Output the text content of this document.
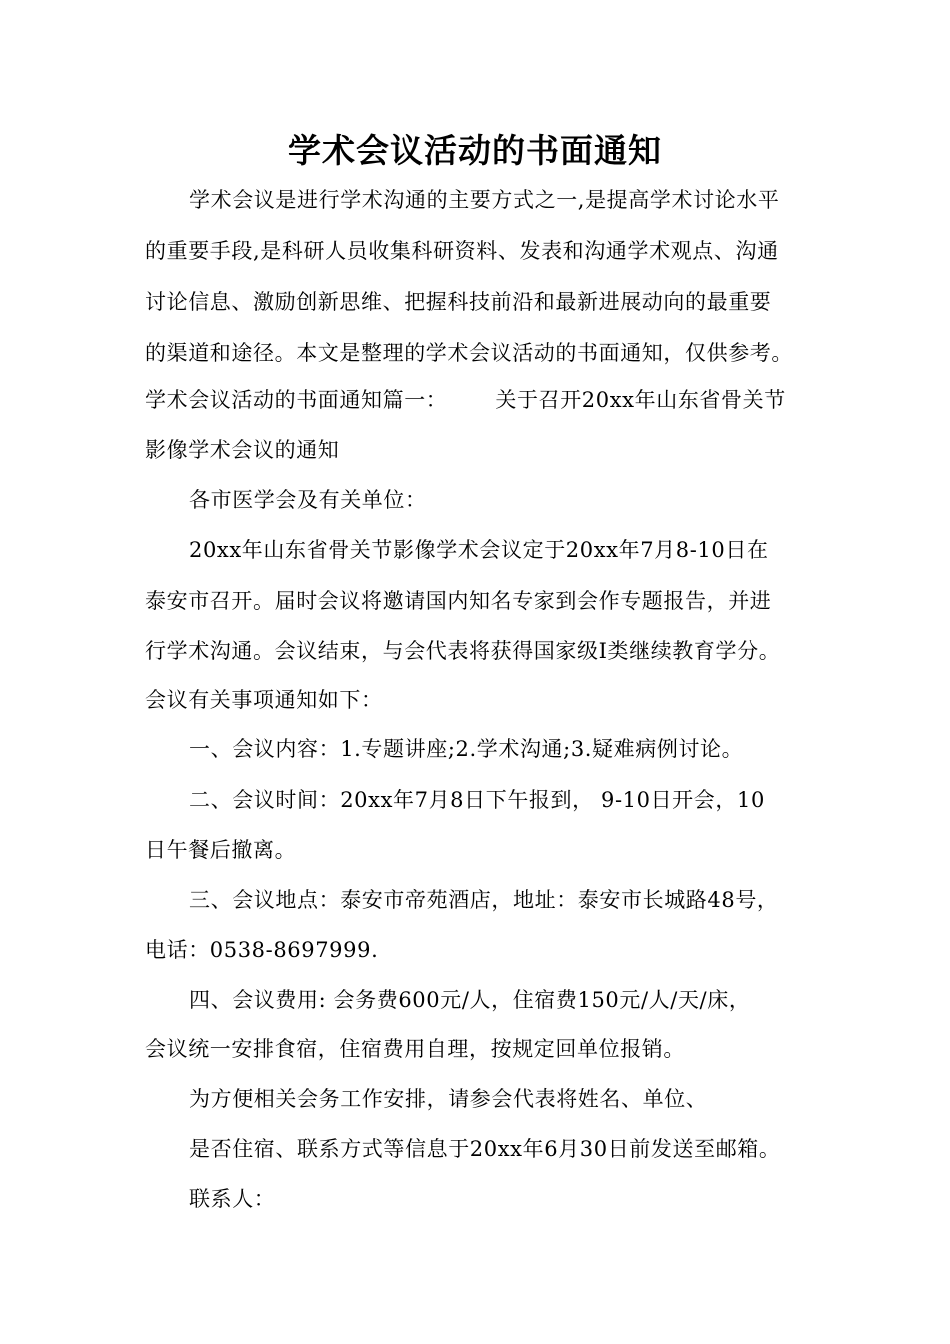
学术会议活动的书面通知
学术会议是进行学术沟通的主要方式之一,是提高学术讨论水平
的重要手段,是科研人员收集科研资料、发表和沟通学术观点、沟通
讨论信息、激励创新思维、把握科技前沿和最新进展动向的最重要
的渠道和途径。本文是整理的学术会议活动的书面通知，仅供参考。
学术会议活动的书面通知篇一： 关于召开20xx年山东省骨关节
影像学术会议的通知
各市医学会及有关单位：
20xx年山东省骨关节影像学术会议定于20xx年7月8-10日在
泰安市召开。届时会议将邀请国内知名专家到会作专题报告，并进
行学术沟通。会议结束，与会代表将获得国家级Ⅰ类继续教育学分。
会议有关事项通知如下：
一、会议内容：1.专题讲座;2.学术沟通;3.疑难病例讨论。
二、会议时间：20xx年7月8日下午报到， 9-10日开会，10
日午餐后撤离。
三、会议地点：泰安市帝苑酒店，地址：泰安市长城路48号，
电话：0538-8697999.
四、会议费用: 会务费600元/人，住宿费150元/人/天/床，
会议统一安排食宿，住宿费用自理，按规定回单位报销。
为方便相关会务工作安排，请参会代表将姓名、单位、
是否住宿、联系方式等信息于20xx年6月30日前发送至邮箱。
联系人：
